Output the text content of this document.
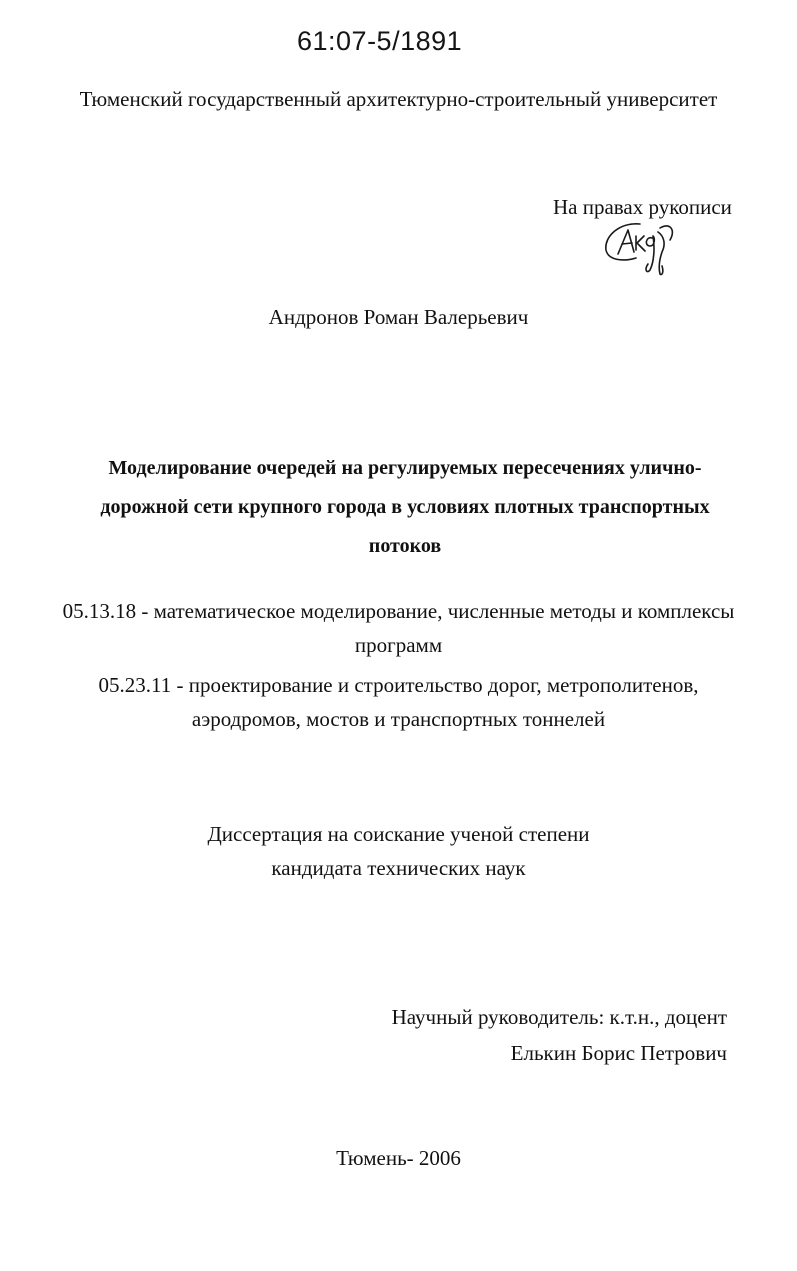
61:07-5/1891
Тюменский государственный архитектурно-строительный университет
На правах рукописи
Андронов Роман Валерьевич
Моделирование очередей на регулируемых пересечениях улично-
дорожной сети крупного города в условиях плотных транспортных
потоков
05.13.18 - математическое моделирование, численные методы и комплексы
программ
05.23.11 - проектирование и строительство дорог, метрополитенов,
аэродромов, мостов и транспортных тоннелей
Диссертация на соискание ученой степени
кандидата технических наук
Научный руководитель: к.т.н., доцент
Елькин Борис Петрович
Тюмень- 2006
